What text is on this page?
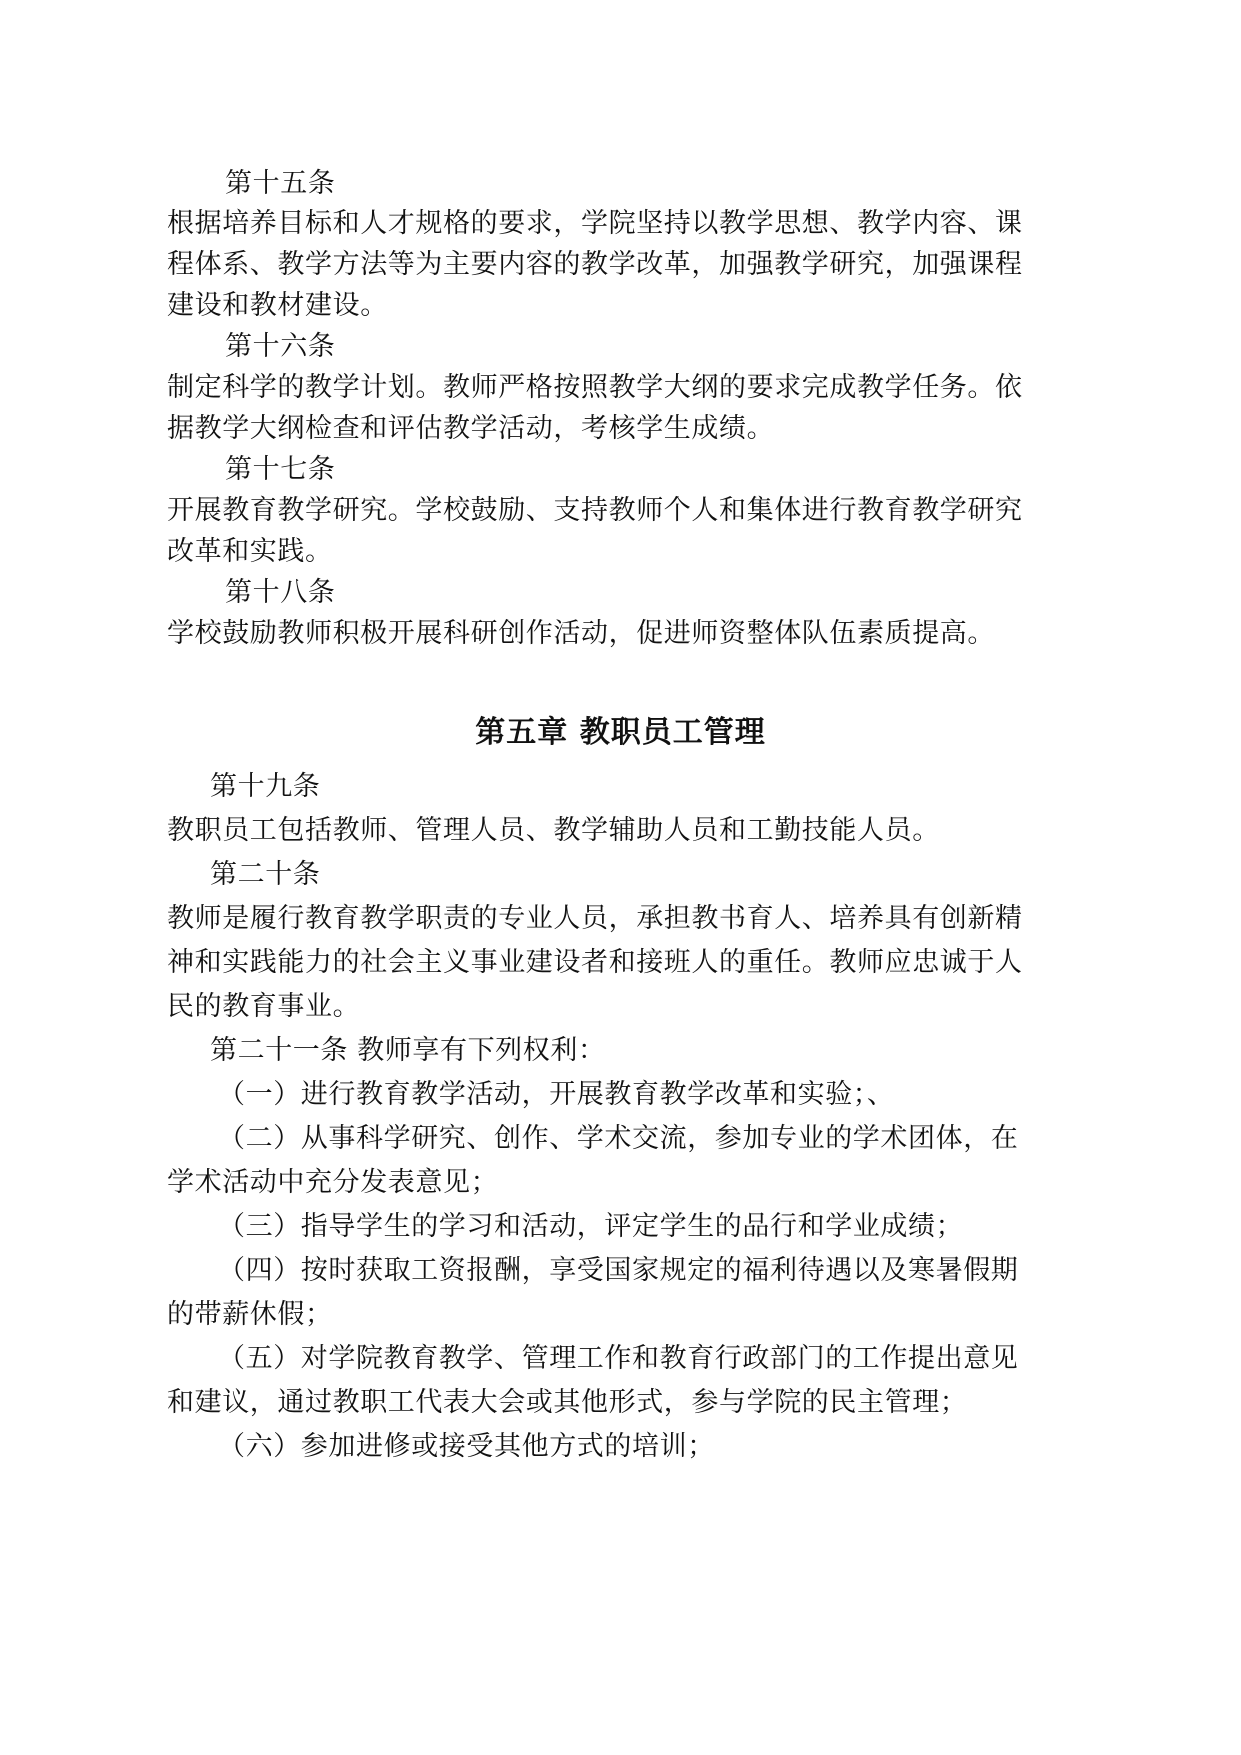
第十五条
根据培养目标和人才规格的要求，学院坚持以教学思想、教学内容、课
程体系、教学方法等为主要内容的教学改革，加强教学研究，加强课程
建设和教材建设。
第十六条
制定科学的教学计划。教师严格按照教学大纲的要求完成教学任务。依
据教学大纲检查和评估教学活动，考核学生成绩。
第十七条
开展教育教学研究。学校鼓励、支持教师个人和集体进行教育教学研究
改革和实践。
第十八条
学校鼓励教师积极开展科研创作活动，促进师资整体队伍素质提高。
第五章 教职员工管理
第十九条
教职员工包括教师、管理人员、教学辅助人员和工勤技能人员。
第二十条
教师是履行教育教学职责的专业人员，承担教书育人、培养具有创新精
神和实践能力的社会主义事业建设者和接班人的重任。教师应忠诚于人
民的教育事业。
第二十一条 教师享有下列权利：
（一）进行教育教学活动，开展教育教学改革和实验；、
（二）从事科学研究、创作、学术交流，参加专业的学术团体，在
学术活动中充分发表意见；
（三）指导学生的学习和活动，评定学生的品行和学业成绩；
（四）按时获取工资报酬，享受国家规定的福利待遇以及寒暑假期
的带薪休假；
（五）对学院教育教学、管理工作和教育行政部门的工作提出意见
和建议，通过教职工代表大会或其他形式，参与学院的民主管理；
（六）参加进修或接受其他方式的培训；
